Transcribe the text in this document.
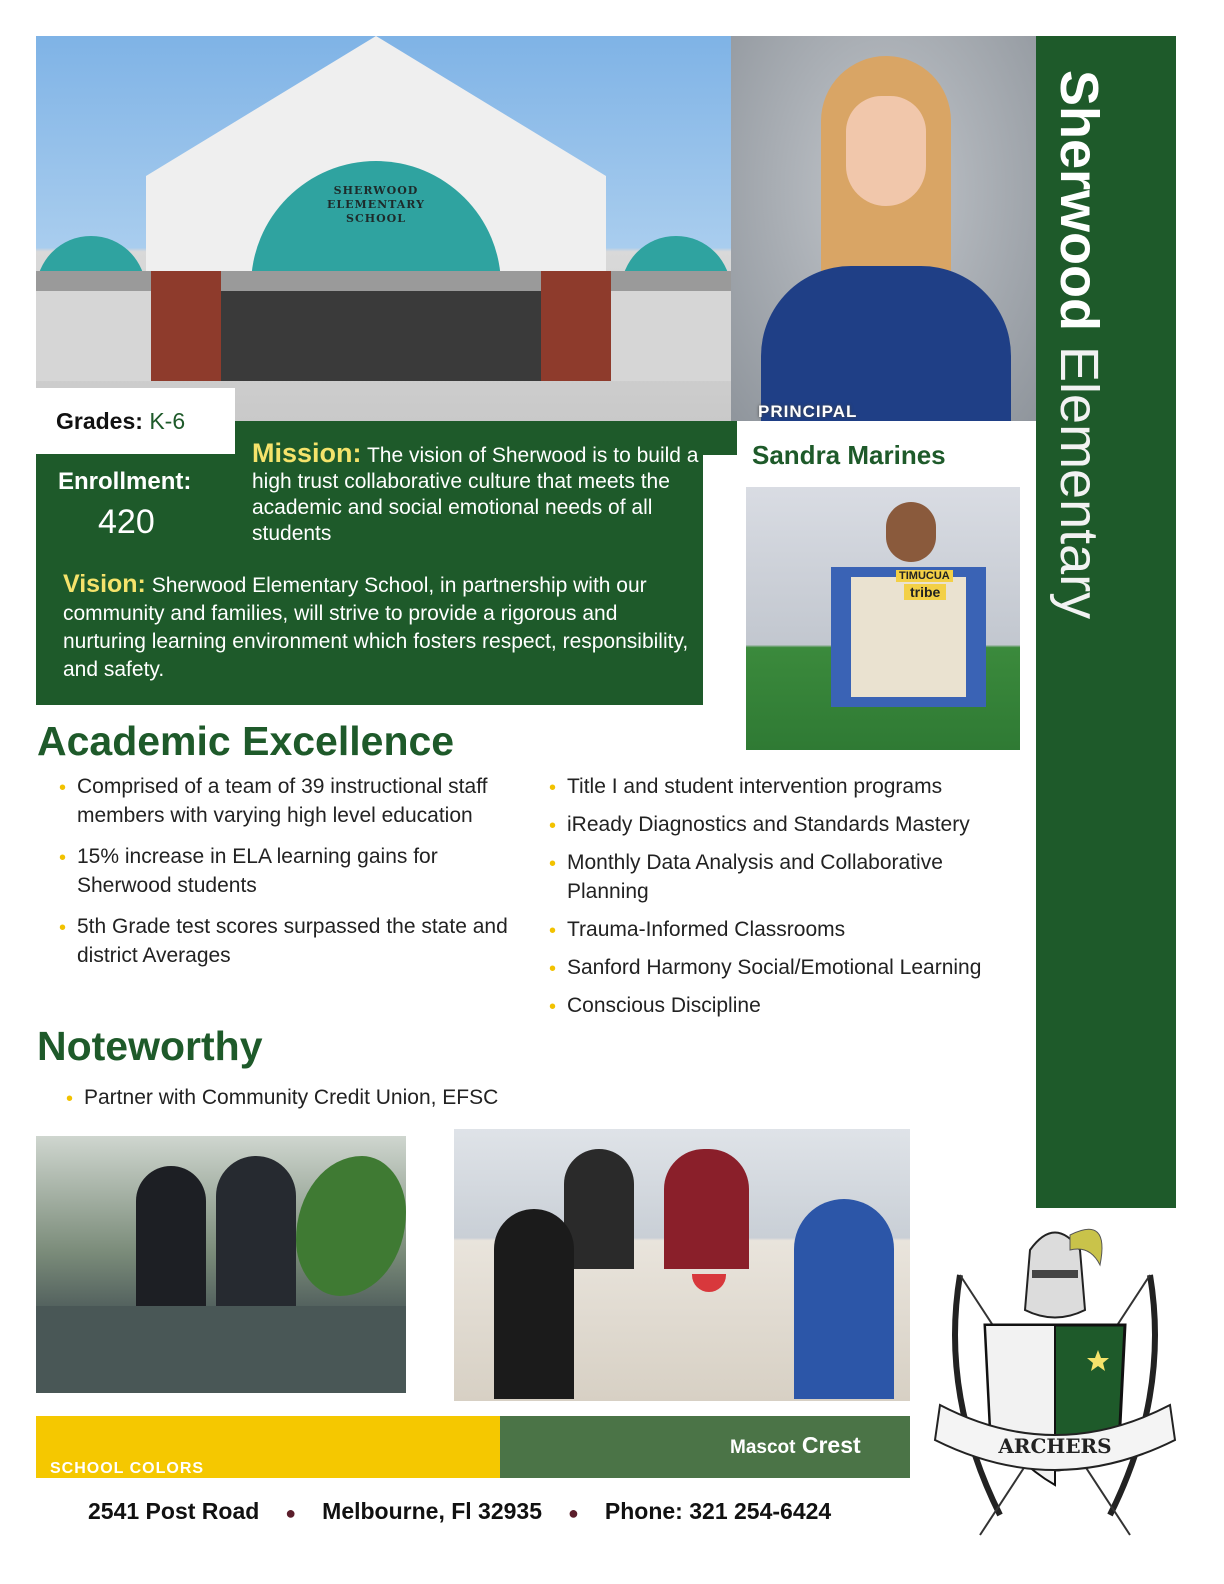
SHERWOOD
ELEMENTARY
SCHOOL
PRINCIPAL
Sherwood Elementary
Grades: K-6
Enrollment:
420
Mission: The vision of Sherwood is to build a high trust collaborative culture that meets the academic and social emotional needs of all students
Vision: Sherwood Elementary School, in partnership with our community and families, will strive to provide a rigorous and nurturing learning environment which fosters respect, responsibility, and safety.
Sandra Marines
TIMUCUA
tribe
Academic Excellence
• Comprised of a team of 39 instructional staff members with varying high level education
• 15% increase in ELA learning gains for Sherwood students
• 5th Grade test scores surpassed the state and district Averages
• Title I and student intervention programs
• iReady Diagnostics and Standards Mastery
• Monthly Data Analysis and Collaborative Planning
• Trauma-Informed Classrooms
• Sanford Harmony Social/Emotional Learning
• Conscious Discipline
Noteworthy
• Partner with Community Credit Union, EFSC
SCHOOL COLORS
Mascot Crest
2541 Post Road ● Melbourne, Fl 32935 ● Phone: 321 254-6424
ARCHERS
